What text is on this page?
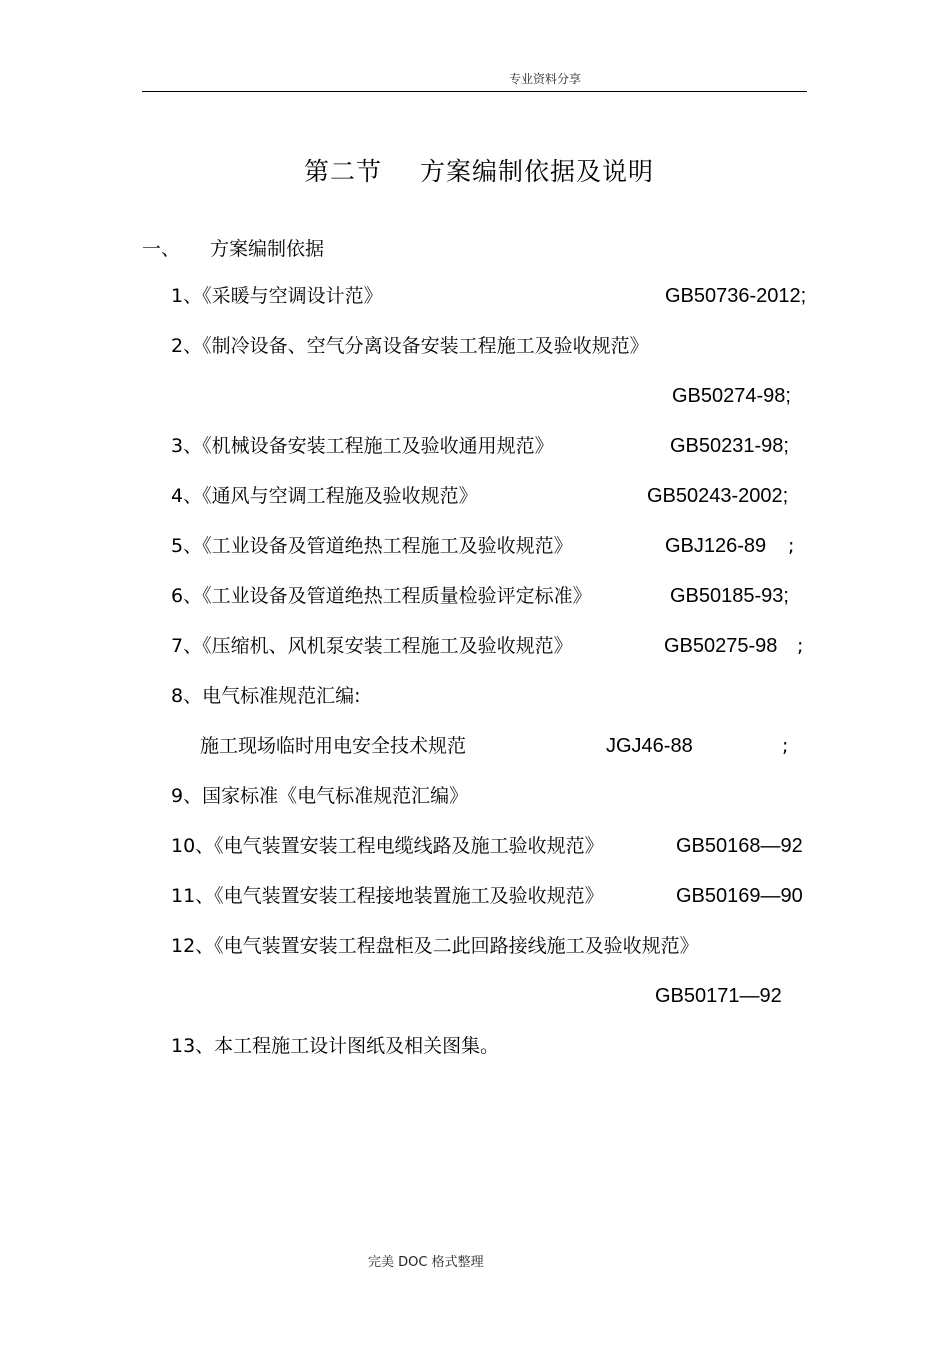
专业资料分享
第二节 方案编制依据及说明
一、 方案编制依据
1、《采暖与空调设计范》	GB50736-2012;
2、《制冷设备、空气分离设备安装工程施工及验收规范》
GB50274-98;
3、《机械设备安装工程施工及验收通用规范》	GB50231-98;
4、《通风与空调工程施及验收规范》	GB50243-2002;
5、《工业设备及管道绝热工程施工及验收规范》	GBJ126-89 ;
6、《工业设备及管道绝热工程质量检验评定标准》	GB50185-93;
7、《压缩机、风机泵安装工程施工及验收规范》	GB50275-98 ;
8、电气标准规范汇编:
施工现场临时用电安全技术规范	JGJ46-88	;
9、国家标准《电气标准规范汇编》
10、《电气装置安装工程电缆线路及施工验收规范》	GB50168—92
11、《电气装置安装工程接地装置施工及验收规范》	GB50169—90
12、《电气装置安装工程盘柜及二此回路接线施工及验收规范》
GB50171—92
13、本工程施工设计图纸及相关图集。
完美 DOC 格式整理
